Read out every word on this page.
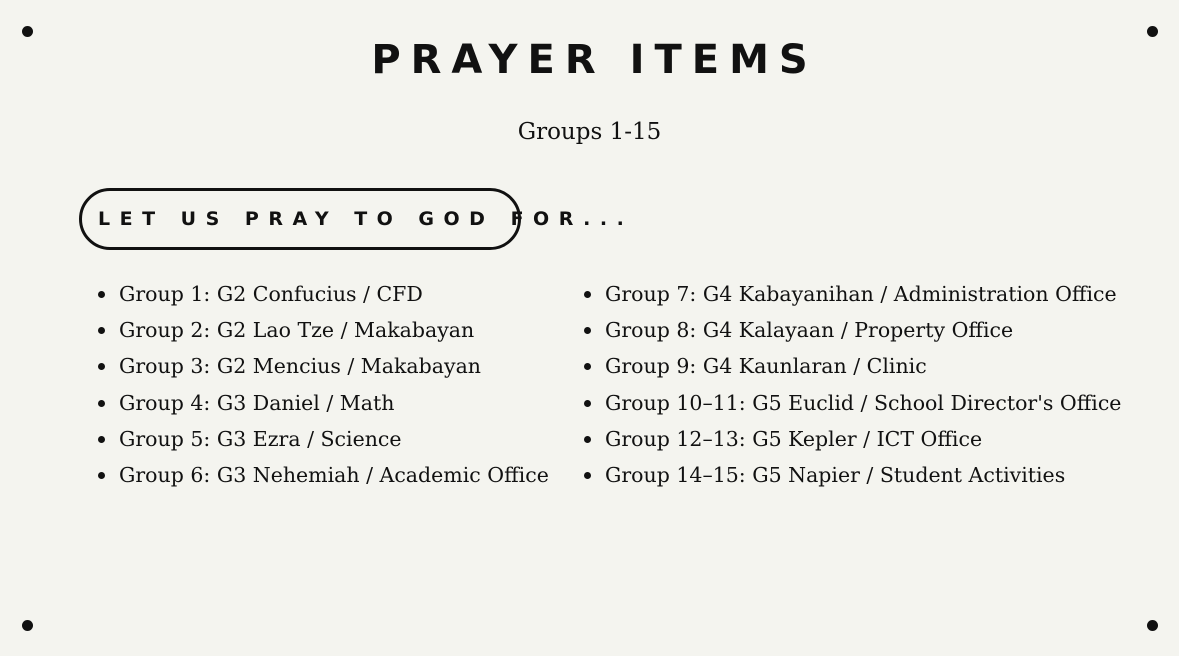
PRAYER ITEMS
Groups 1-15
LET US PRAY TO GOD FOR...
Group 1: G2 Confucius / CFD
Group 2: G2 Lao Tze / Makabayan
Group 3: G2 Mencius / Makabayan
Group 4: G3 Daniel / Math
Group 5: G3 Ezra / Science
Group 6: G3 Nehemiah / Academic Office
Group 7: G4 Kabayanihan / Administration Office
Group 8: G4 Kalayaan / Property Office
Group 9: G4 Kaunlaran / Clinic
Group 10–11: G5 Euclid / School Director's Office
Group 12–13: G5 Kepler / ICT Office
Group 14–15: G5 Napier / Student Activities
